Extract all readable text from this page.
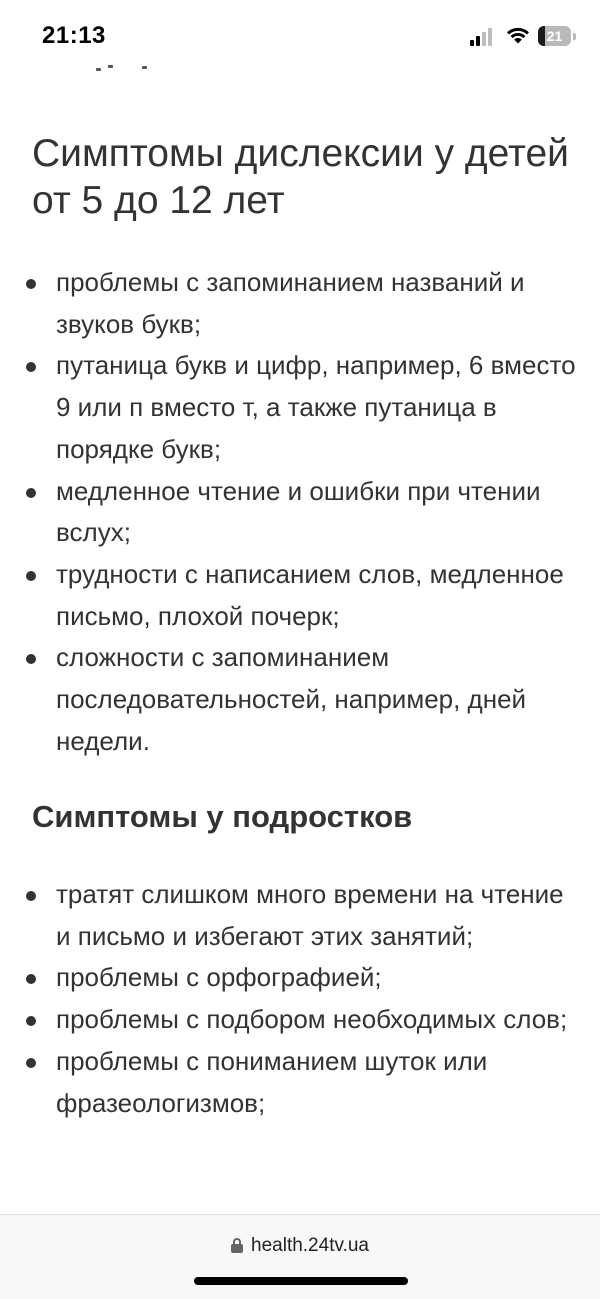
21:13	21
Симптомы дислексии у детей от 5 до 12 лет
проблемы с запоминанием названий и звуков букв;
путаница букв и цифр, например, 6 вместо 9 или п вместо т, а также путаница в порядке букв;
медленное чтение и ошибки при чтении вслух;
трудности с написанием слов, медленное письмо, плохой почерк;
сложности с запоминанием последовательностей, например, дней недели.
Симптомы у подростков
тратят слишком много времени на чтение и письмо и избегают этих занятий;
проблемы с орфографией;
проблемы с подбором необходимых слов;
проблемы с пониманием шуток или фразеологизмов;
health.24tv.ua
